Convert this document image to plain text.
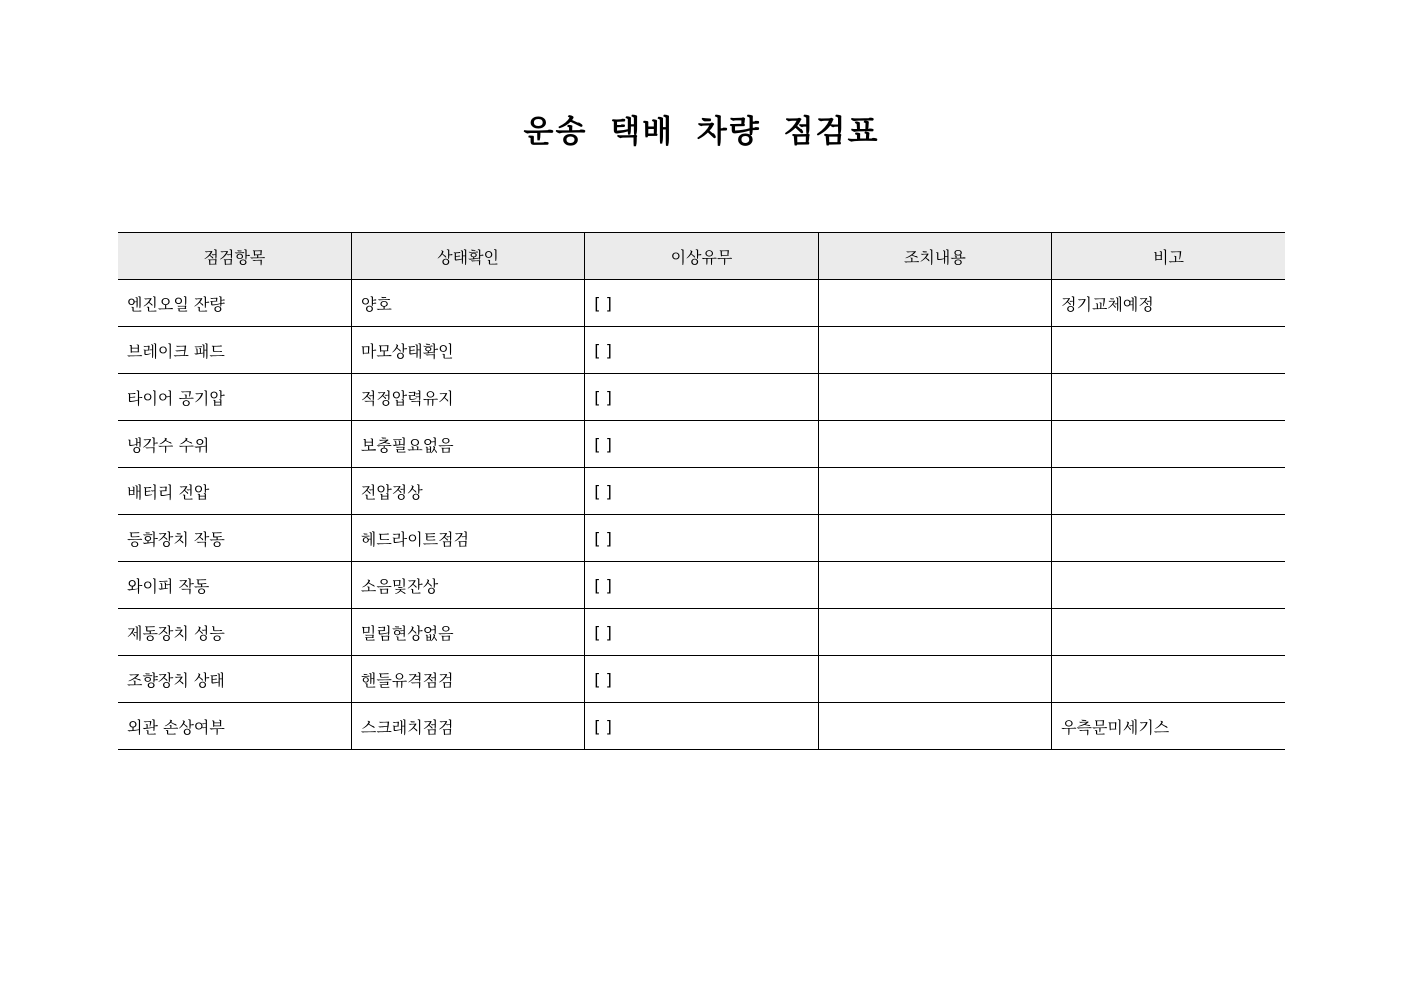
운송 택배 차량 점검표
점검항목	상태확인	이상유무	조치내용	비고
엔진오일 잔량	양호	[ ]		정기교체예정
브레이크 패드	마모상태확인	[ ]		
타이어 공기압	적정압력유지	[ ]		
냉각수 수위	보충필요없음	[ ]		
배터리 전압	전압정상	[ ]		
등화장치 작동	헤드라이트점검	[ ]		
와이퍼 작동	소음및잔상	[ ]		
제동장치 성능	밀림현상없음	[ ]		
조향장치 상태	핸들유격점검	[ ]		
외관 손상여부	스크래치점검	[ ]		우측문미세기스
